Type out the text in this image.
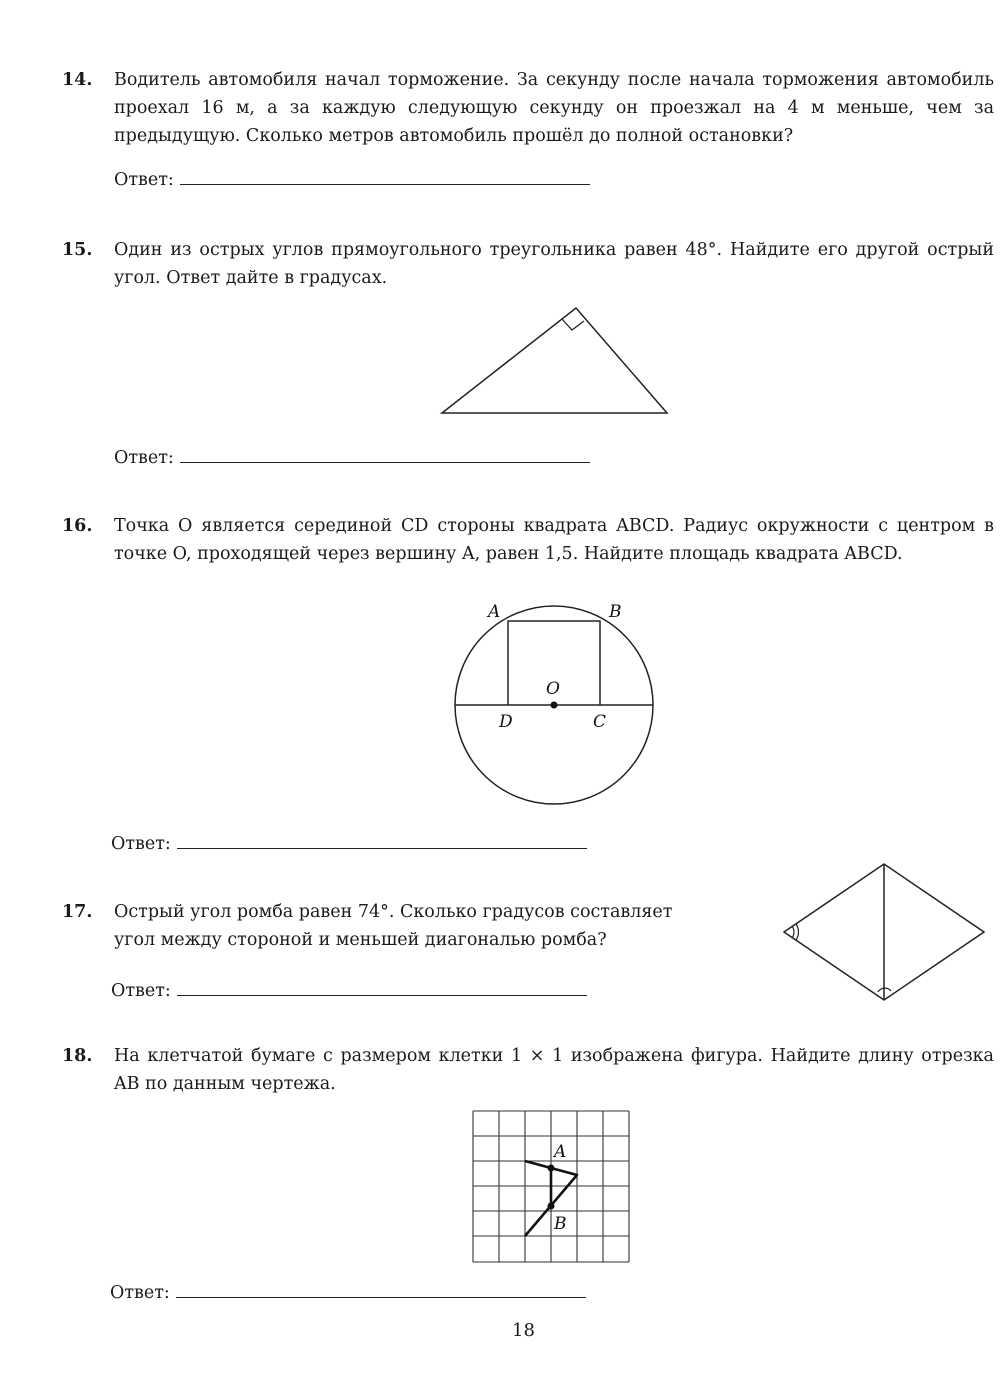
14. Водитель автомобиля начал торможение. За секунду после начала торможения автомобиль проехал 16 м, а за каждую следующую секунду он проезжал на 4 м меньше, чем за предыдущую. Сколько метров автомобиль прошёл до полной остановки?
Ответ:
15. Один из острых углов прямоугольного треугольника равен 48°. Найдите его другой острый угол. Ответ дайте в градусах.
Ответ:
16. Точка O является серединой CD стороны квадрата ABCD. Радиус окружности с центром в точке O, проходящей через вершину A, равен 1,5. Найдите площадь квадрата ABCD.
A	B
O
D	C
Ответ:
17. Острый угол ромба равен 74°. Сколько градусов составляет угол между стороной и меньшей диагональю ромба?
Ответ:
18. На клетчатой бумаге с размером клетки 1 × 1 изображена фигура. Найдите длину отрезка AB по данным чертежа.
A
B
Ответ:
18
